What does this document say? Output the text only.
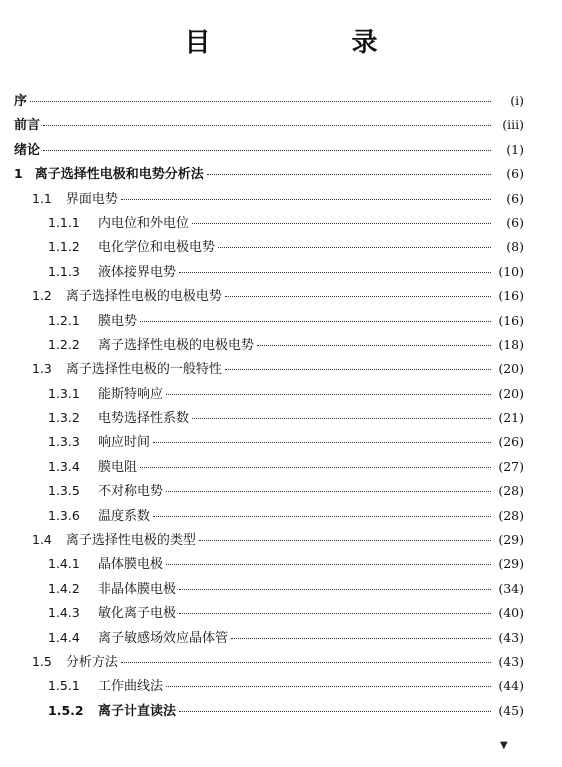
目 录
序	(i)
前言	(iii)
绪论	(1)
1 离子选择性电极和电势分析法	(6)
1.1 界面电势	(6)
1.1.1	内电位和外电位	(6)
1.1.2	电化学位和电极电势	(8)
1.1.3	液体接界电势	(10)
1.2 离子选择性电极的电极电势	(16)
1.2.1	膜电势	(16)
1.2.2	离子选择性电极的电极电势	(18)
1.3 离子选择性电极的一般特性	(20)
1.3.1	能斯特响应	(20)
1.3.2	电势选择性系数	(21)
1.3.3	响应时间	(26)
1.3.4	膜电阻	(27)
1.3.5	不对称电势	(28)
1.3.6	温度系数	(28)
1.4 离子选择性电极的类型	(29)
1.4.1	晶体膜电极	(29)
1.4.2	非晶体膜电极	(34)
1.4.3	敏化离子电极	(40)
1.4.4	离子敏感场效应晶体管	(43)
1.5 分析方法	(43)
1.5.1	工作曲线法	(44)
1.5.2 离子计直读法	(45)
▼
